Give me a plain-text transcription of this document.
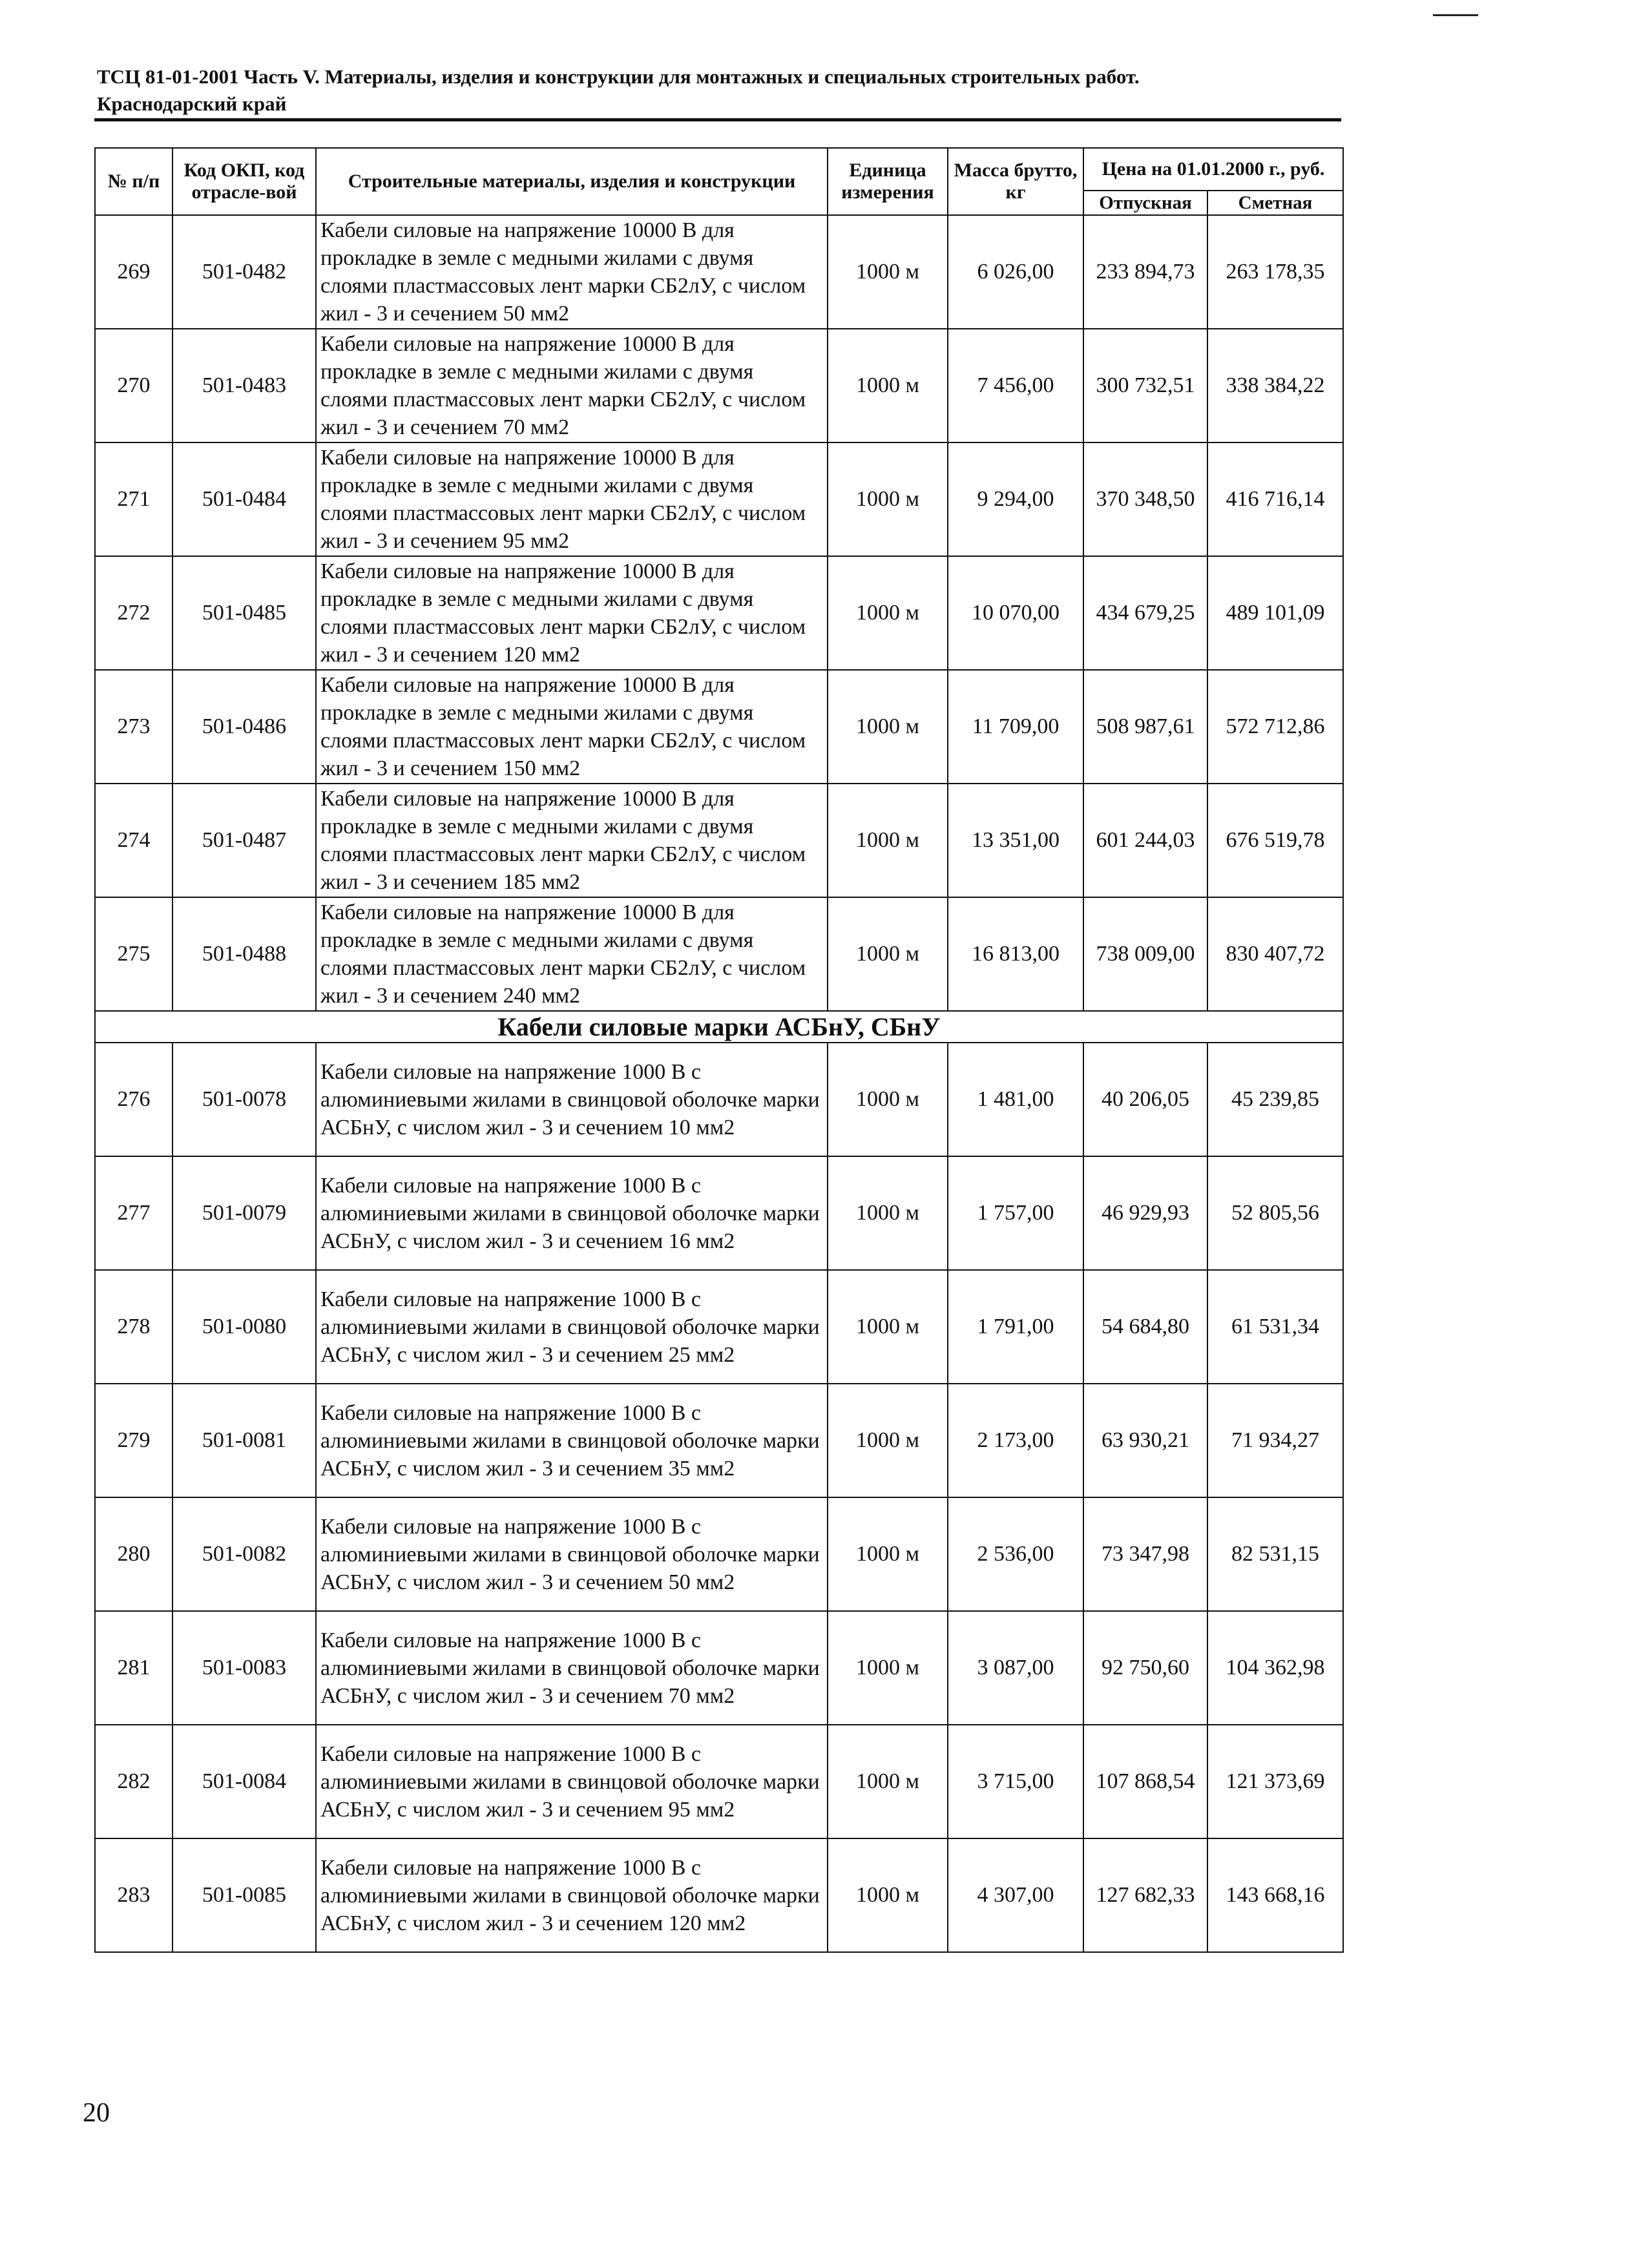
ТСЦ 81-01-2001 Часть V. Материалы, изделия и конструкции для монтажных и специальных строительных работ.
Краснодарский край
№ п/п	Код ОКП, код отрасле-вой	Строительные материалы, изделия и конструкции	Единица измерения	Масса брутто, кг	Цена на 01.01.2000 г., руб.	
					Отпускная	Сметная
269	501-0482	Кабели силовые на напряжение 10000 В для прокладке в земле с медными жилами с двумя слоями пластмассовых лент марки СБ2лУ, с числом жил - 3 и сечением 50 мм2	1000 м	6 026,00	233 894,73	263 178,35
270	501-0483	Кабели силовые на напряжение 10000 В для прокладке в земле с медными жилами с двумя слоями пластмассовых лент марки СБ2лУ, с числом жил - 3 и сечением 70 мм2	1000 м	7 456,00	300 732,51	338 384,22
271	501-0484	Кабели силовые на напряжение 10000 В для прокладке в земле с медными жилами с двумя слоями пластмассовых лент марки СБ2лУ, с числом жил - 3 и сечением 95 мм2	1000 м	9 294,00	370 348,50	416 716,14
272	501-0485	Кабели силовые на напряжение 10000 В для прокладке в земле с медными жилами с двумя слоями пластмассовых лент марки СБ2лУ, с числом жил - 3 и сечением 120 мм2	1000 м	10 070,00	434 679,25	489 101,09
273	501-0486	Кабели силовые на напряжение 10000 В для прокладке в земле с медными жилами с двумя слоями пластмассовых лент марки СБ2лУ, с числом жил - 3 и сечением 150 мм2	1000 м	11 709,00	508 987,61	572 712,86
274	501-0487	Кабели силовые на напряжение 10000 В для прокладке в земле с медными жилами с двумя слоями пластмассовых лент марки СБ2лУ, с числом жил - 3 и сечением 185 мм2	1000 м	13 351,00	601 244,03	676 519,78
275	501-0488	Кабели силовые на напряжение 10000 В для прокладке в земле с медными жилами с двумя слоями пластмассовых лент марки СБ2лУ, с числом жил - 3 и сечением 240 мм2	1000 м	16 813,00	738 009,00	830 407,72
Кабели силовые марки АСБнУ, СБнУ						
276	501-0078	Кабели силовые на напряжение 1000 В с алюминиевыми жилами в свинцовой оболочке марки АСБнУ, с числом жил - 3 и сечением 10 мм2	1000 м	1 481,00	40 206,05	45 239,85
277	501-0079	Кабели силовые на напряжение 1000 В с алюминиевыми жилами в свинцовой оболочке марки АСБнУ, с числом жил - 3 и сечением 16 мм2	1000 м	1 757,00	46 929,93	52 805,56
278	501-0080	Кабели силовые на напряжение 1000 В с алюминиевыми жилами в свинцовой оболочке марки АСБнУ, с числом жил - 3 и сечением 25 мм2	1000 м	1 791,00	54 684,80	61 531,34
279	501-0081	Кабели силовые на напряжение 1000 В с алюминиевыми жилами в свинцовой оболочке марки АСБнУ, с числом жил - 3 и сечением 35 мм2	1000 м	2 173,00	63 930,21	71 934,27
280	501-0082	Кабели силовые на напряжение 1000 В с алюминиевыми жилами в свинцовой оболочке марки АСБнУ, с числом жил - 3 и сечением 50 мм2	1000 м	2 536,00	73 347,98	82 531,15
281	501-0083	Кабели силовые на напряжение 1000 В с алюминиевыми жилами в свинцовой оболочке марки АСБнУ, с числом жил - 3 и сечением 70 мм2	1000 м	3 087,00	92 750,60	104 362,98
282	501-0084	Кабели силовые на напряжение 1000 В с алюминиевыми жилами в свинцовой оболочке марки АСБнУ, с числом жил - 3 и сечением 95 мм2	1000 м	3 715,00	107 868,54	121 373,69
283	501-0085	Кабели силовые на напряжение 1000 В с алюминиевыми жилами в свинцовой оболочке марки АСБнУ, с числом жил - 3 и сечением 120 мм2	1000 м	4 307,00	127 682,33	143 668,16
20
